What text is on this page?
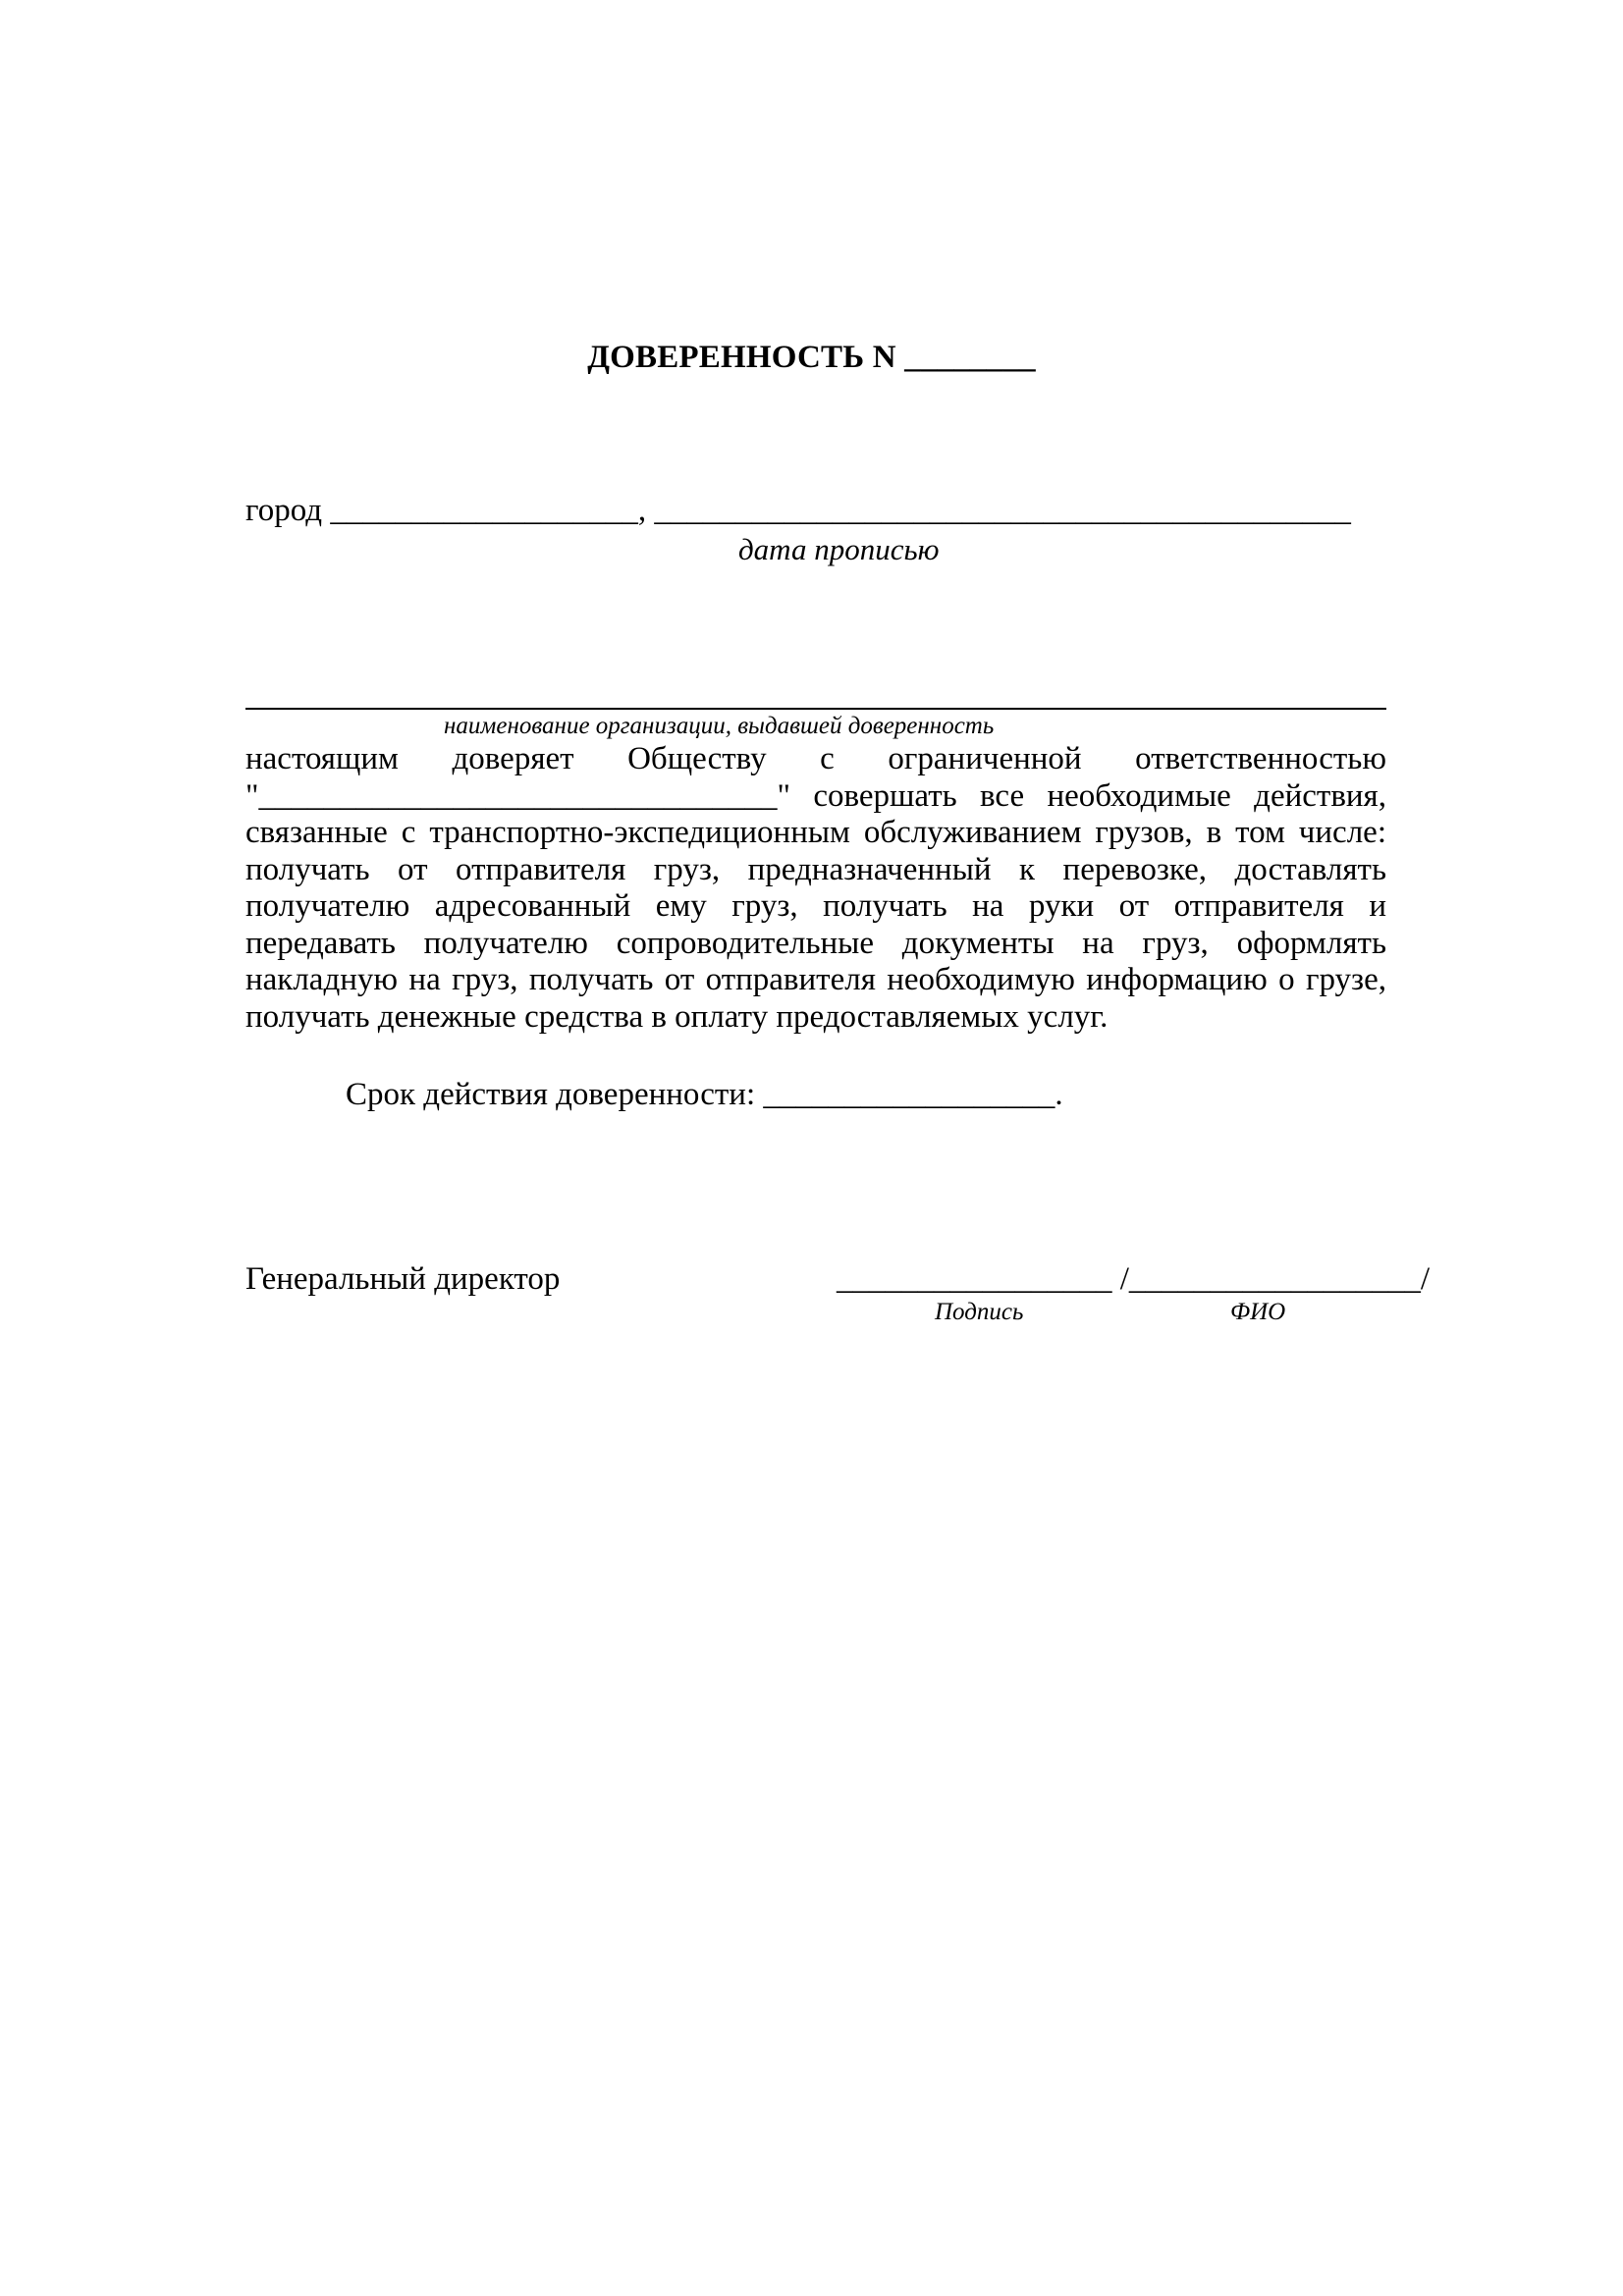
ДОВЕРЕННОСТЬ N ________
город ___________________, ___________________________________________
дата прописью
наименование организации, выдавшей доверенность

настоящим доверяет Обществу с ограниченной ответственностью

"________________________________" совершать все необходимые действия,

связанные с транспортно-экспедиционным обслуживанием грузов, в том числе:

получать от отправителя груз, предназначенный к перевозке, доставлять

получателю адресованный ему груз, получать на руки от отправителя и

передавать получателю сопроводительные документы на груз, оформлять

накладную на груз, получать от отправителя необходимую информацию о грузе,

получать денежные средства в оплату предоставляемых услуг.

Срок действия доверенности: __________________.
Генеральный директор	_________________ /__________________/
Подпись	ФИО
